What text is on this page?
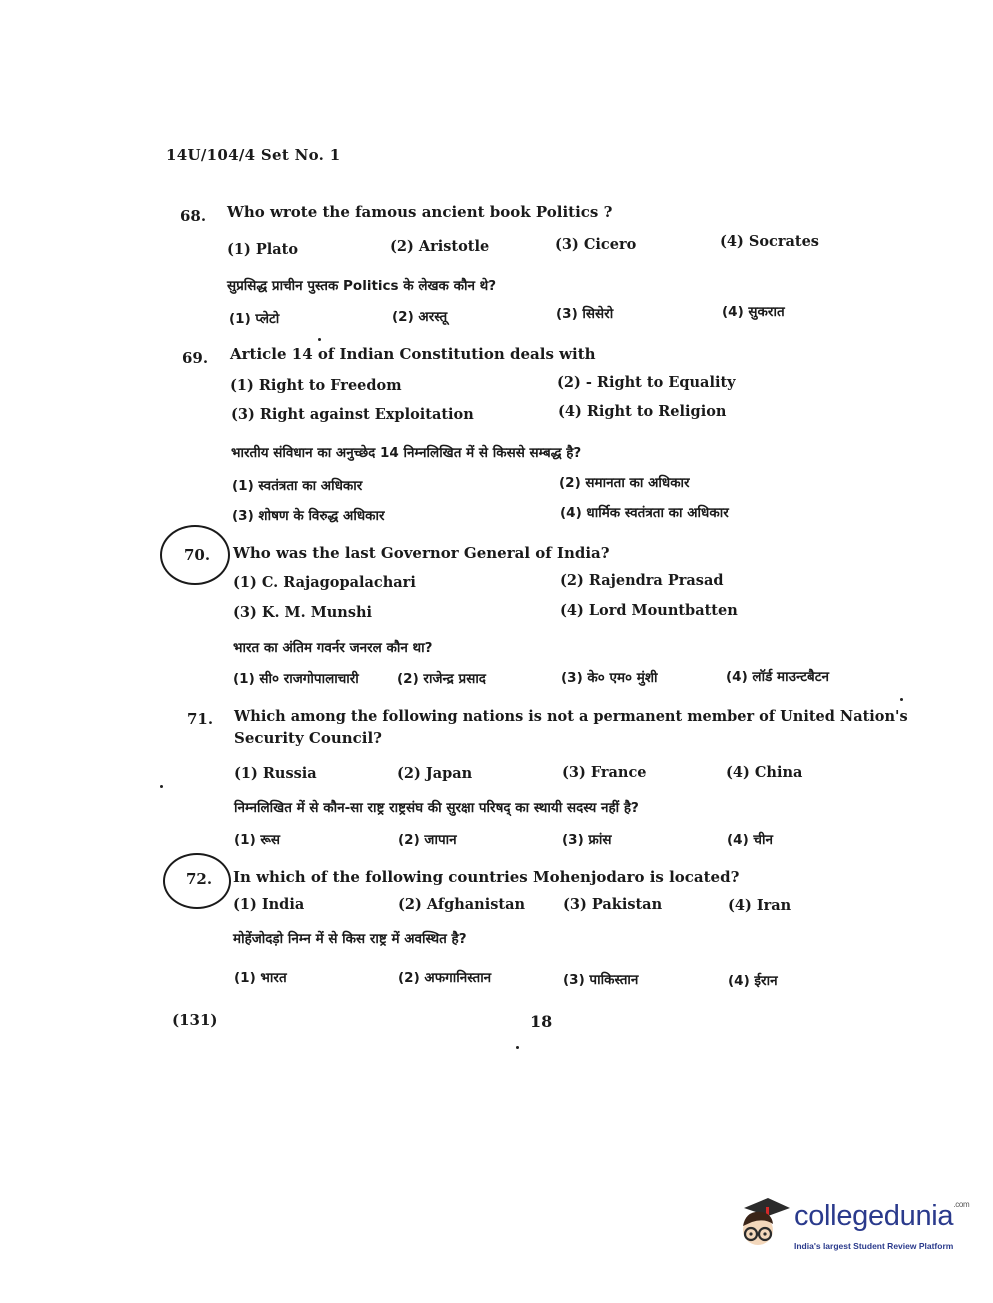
14U/104/4 Set No. 1
68. Who wrote the famous ancient book Politics ?
(1) Plato	(2) Aristotle	(3) Cicero	(4) Socrates
सुप्रसिद्ध प्राचीन पुस्तक Politics के लेखक कौन थे?
(1) प्लेटो	(2) अरस्तू	(3) सिसेरो	(4) सुकरात
69. Article 14 of Indian Constitution deals with
(1) Right to Freedom	(2) - Right to Equality
(3) Right against Exploitation	(4) Right to Religion
भारतीय संविधान का अनुच्छेद 14 निम्नलिखित में से किससे सम्बद्ध है?
(1) स्वतंत्रता का अधिकार	(2) समानता का अधिकार
(3) शोषण के विरुद्ध अधिकार	(4) धार्मिक स्वतंत्रता का अधिकार
70. Who was the last Governor General of India?
(1) C. Rajagopalachari	(2) Rajendra Prasad
(3) K. M. Munshi	(4) Lord Mountbatten
भारत का अंतिम गवर्नर जनरल कौन था?
(1) सी० राजगोपालाचारी	(2) राजेन्द्र प्रसाद	(3) के० एम० मुंशी	(4) लॉर्ड माउन्टबैटन
71. Which among the following nations is not a permanent member of United Nation's
Security Council?
(1) Russia	(2) Japan	(3) France	(4) China
निम्नलिखित में से कौन-सा राष्ट्र राष्ट्रसंघ की सुरक्षा परिषद् का स्थायी सदस्य नहीं है?
(1) रूस	(2) जापान	(3) फ्रांस	(4) चीन
72. In which of the following countries Mohenjodaro is located?
(1) India	(2) Afghanistan	(3) Pakistan	(4) Iran
मोहेंजोदड़ो निम्न में से किस राष्ट्र में अवस्थित है?
(1) भारत	(2) अफगानिस्तान	(3) पाकिस्तान	(4) ईरान
(131)	18
collegedunia$^{.com}$
India's largest Student Review Platform
